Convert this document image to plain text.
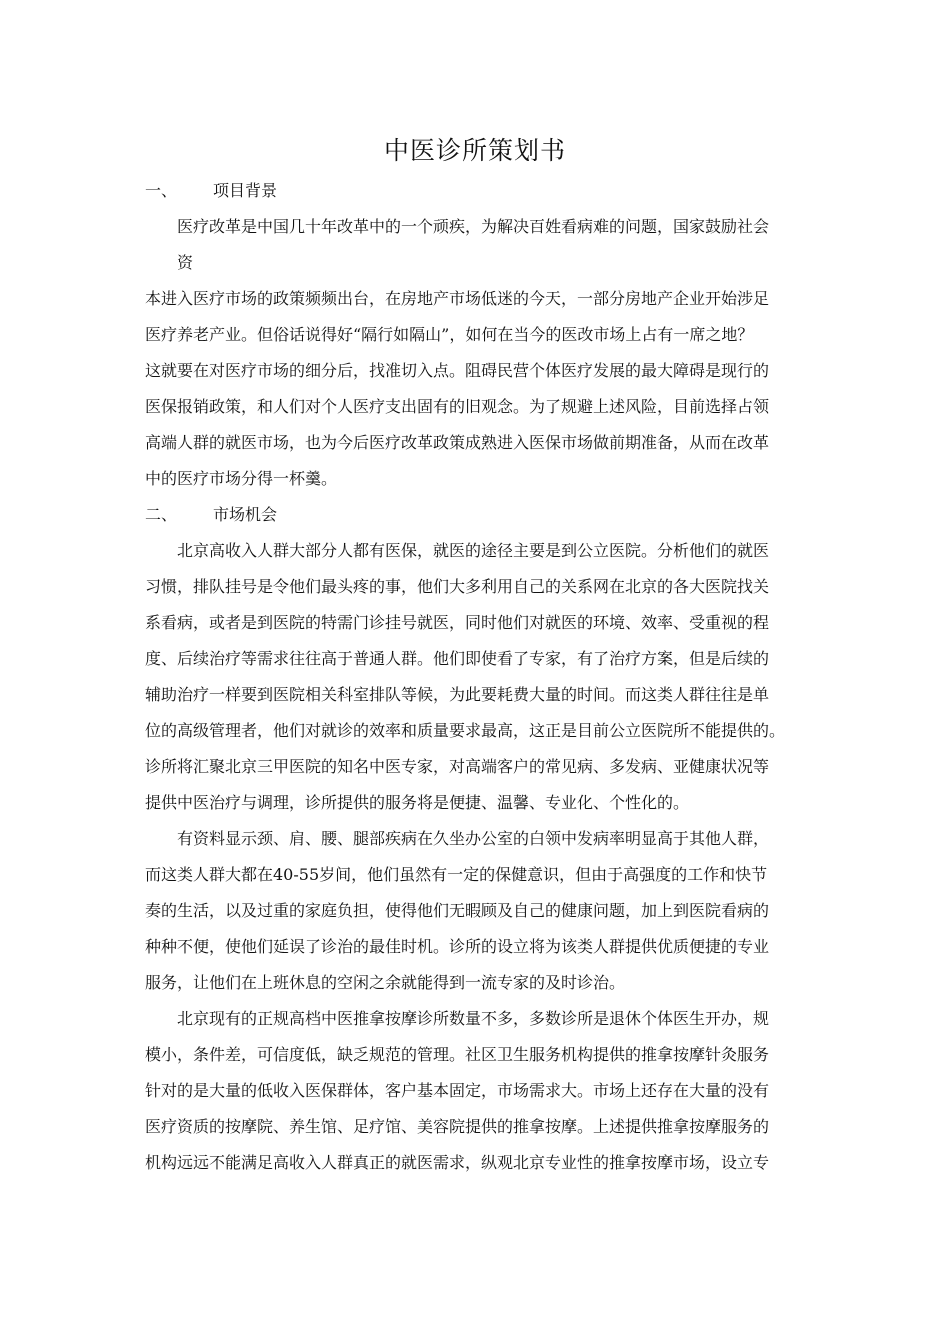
中医诊所策划书
一、	项目背景
医疗改革是中国几十年改革中的一个顽疾，为解决百姓看病难的问题，国家鼓励社会
资
本进入医疗市场的政策频频出台，在房地产市场低迷的今天，一部分房地产企业开始涉足
医疗养老产业。但俗话说得好“隔行如隔山”，如何在当今的医改市场上占有一席之地？
这就要在对医疗市场的细分后，找准切入点。阻碍民营个体医疗发展的最大障碍是现行的
医保报销政策，和人们对个人医疗支出固有的旧观念。为了规避上述风险，目前选择占领
高端人群的就医市场，也为今后医疗改革政策成熟进入医保市场做前期准备，从而在改革
中的医疗市场分得一杯羹。
二、	市场机会
北京高收入人群大部分人都有医保，就医的途径主要是到公立医院。分析他们的就医
习惯，排队挂号是令他们最头疼的事，他们大多利用自己的关系网在北京的各大医院找关
系看病，或者是到医院的特需门诊挂号就医，同时他们对就医的环境、效率、受重视的程
度、后续治疗等需求往往高于普通人群。他们即使看了专家，有了治疗方案，但是后续的
辅助治疗一样要到医院相关科室排队等候，为此要耗费大量的时间。而这类人群往往是单
位的高级管理者，他们对就诊的效率和质量要求最高，这正是目前公立医院所不能提供的。
诊所将汇聚北京三甲医院的知名中医专家，对高端客户的常见病、多发病、亚健康状况等
提供中医治疗与调理，诊所提供的服务将是便捷、温馨、专业化、个性化的。
有资料显示颈、肩、腰、腿部疾病在久坐办公室的白领中发病率明显高于其他人群，
而这类人群大都在40-55岁间，他们虽然有一定的保健意识，但由于高强度的工作和快节
奏的生活，以及过重的家庭负担，使得他们无暇顾及自己的健康问题，加上到医院看病的
种种不便，使他们延误了诊治的最佳时机。诊所的设立将为该类人群提供优质便捷的专业
服务，让他们在上班休息的空闲之余就能得到一流专家的及时诊治。
北京现有的正规高档中医推拿按摩诊所数量不多，多数诊所是退休个体医生开办，规
模小，条件差，可信度低，缺乏规范的管理。社区卫生服务机构提供的推拿按摩针灸服务
针对的是大量的低收入医保群体，客户基本固定，市场需求大。市场上还存在大量的没有
医疗资质的按摩院、养生馆、足疗馆、美容院提供的推拿按摩。上述提供推拿按摩服务的
机构远远不能满足高收入人群真正的就医需求，纵观北京专业性的推拿按摩市场，设立专
